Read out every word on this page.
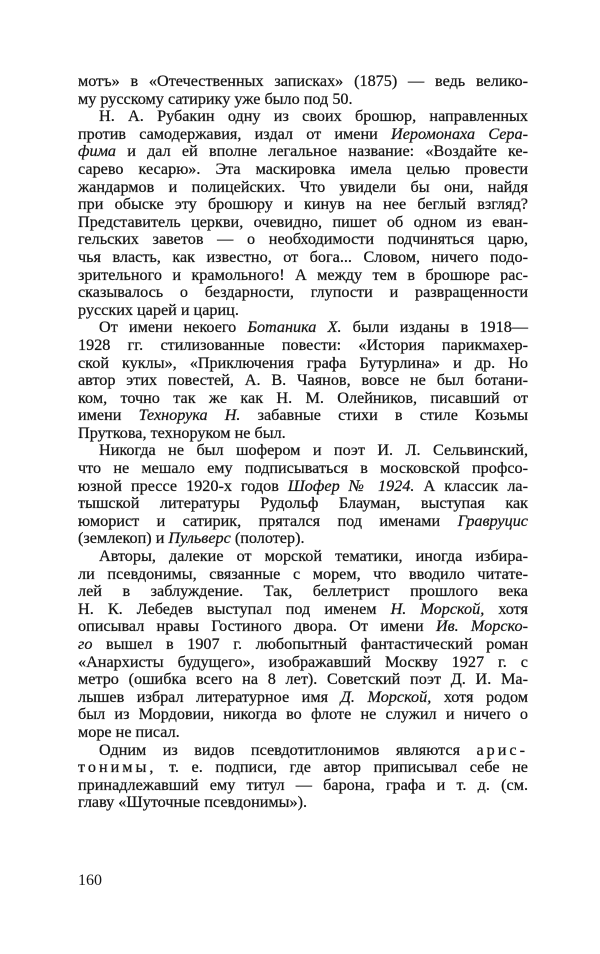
мотъ» в «Отечественных записках» (1875) — ведь велико-
му русскому сатирику уже было под 50.
Н. А. Рубакин одну из своих брошюр, направленных
против самодержавия, издал от имени Иеромонаха Сера-
фима и дал ей вполне легальное название: «Воздайте ке-
сарево кесарю». Эта маскировка имела целью провести
жандармов и полицейских. Что увидели бы они, найдя
при обыске эту брошюру и кинув на нее беглый взгляд?
Представитель церкви, очевидно, пишет об одном из еван-
гельских заветов — о необходимости подчиняться царю,
чья власть, как известно, от бога... Словом, ничего подо-
зрительного и крамольного! А между тем в брошюре рас-
сказывалось о бездарности, глупости и развращенности
русских царей и цариц.
От имени некоего Ботаника Х. были изданы в 1918—
1928 гг. стилизованные повести: «История парикмахер-
ской куклы», «Приключения графа Бутурлина» и др. Но
автор этих повестей, А. В. Чаянов, вовсе не был ботани-
ком, точно так же как Н. М. Олейников, писавший от
имени Технорука Н. забавные стихи в стиле Козьмы
Пруткова, техноруком не был.
Никогда не был шофером и поэт И. Л. Сельвинский,
что не мешало ему подписываться в московской профсо-
юзной прессе 1920-х годов Шофер № 1924. А классик ла-
тышской литературы Рудольф Блауман, выступая как
юморист и сатирик, прятался под именами Гравруцис
(землекоп) и Пульверс (полотер).
Авторы, далекие от морской тематики, иногда избира-
ли псевдонимы, связанные с морем, что вводило читате-
лей в заблуждение. Так, беллетрист прошлого века
Н. К. Лебедев выступал под именем Н. Морской, хотя
описывал нравы Гостиного двора. От имени Ив. Морско-
го вышел в 1907 г. любопытный фантастический роман
«Анархисты будущего», изображавший Москву 1927 г. с
метро (ошибка всего на 8 лет). Советский поэт Д. И. Ма-
лышев избрал литературное имя Д. Морской, хотя родом
был из Мордовии, никогда во флоте не служил и ничего о
море не писал.
Одним из видов псевдотитлонимов являются арис-
тонимы, т. е. подписи, где автор приписывал себе не
принадлежавший ему титул — барона, графа и т. д. (см.
главу «Шуточные псевдонимы»).
160
